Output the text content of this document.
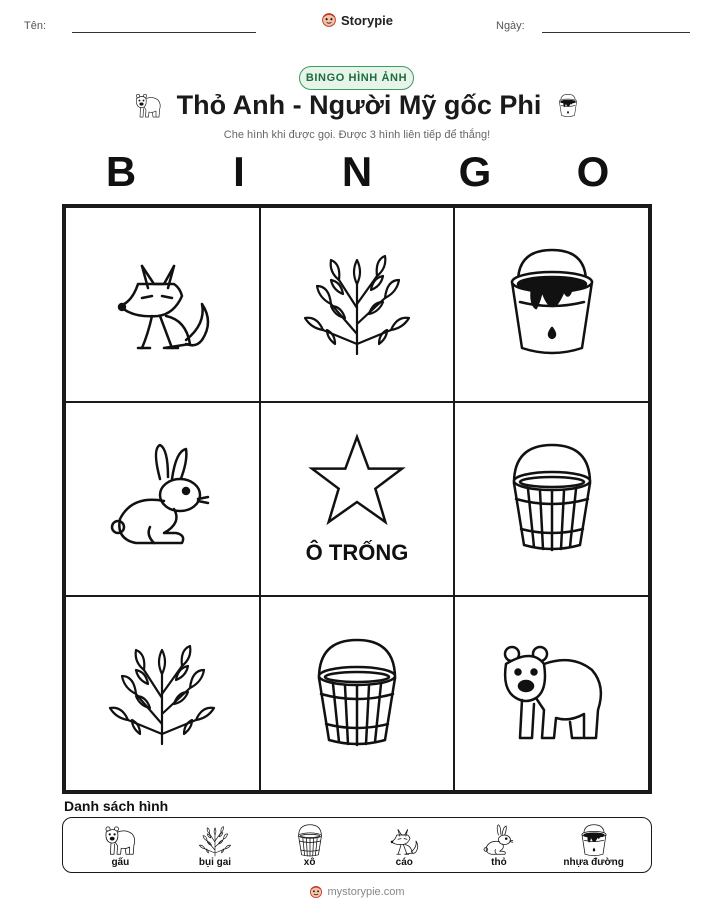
Tên:	Storypie	Ngày:
BINGO HÌNH ẢNH
Thỏ Anh - Người Mỹ gốc Phi
Che hình khi được gọi. Được 3 hình liên tiếp để thắng!
B	I	N	G	O
Ô TRỐNG
Danh sách hình
gấu	bụi gai	xô	cáo	thỏ	nhựa đường
mystorypie.com
